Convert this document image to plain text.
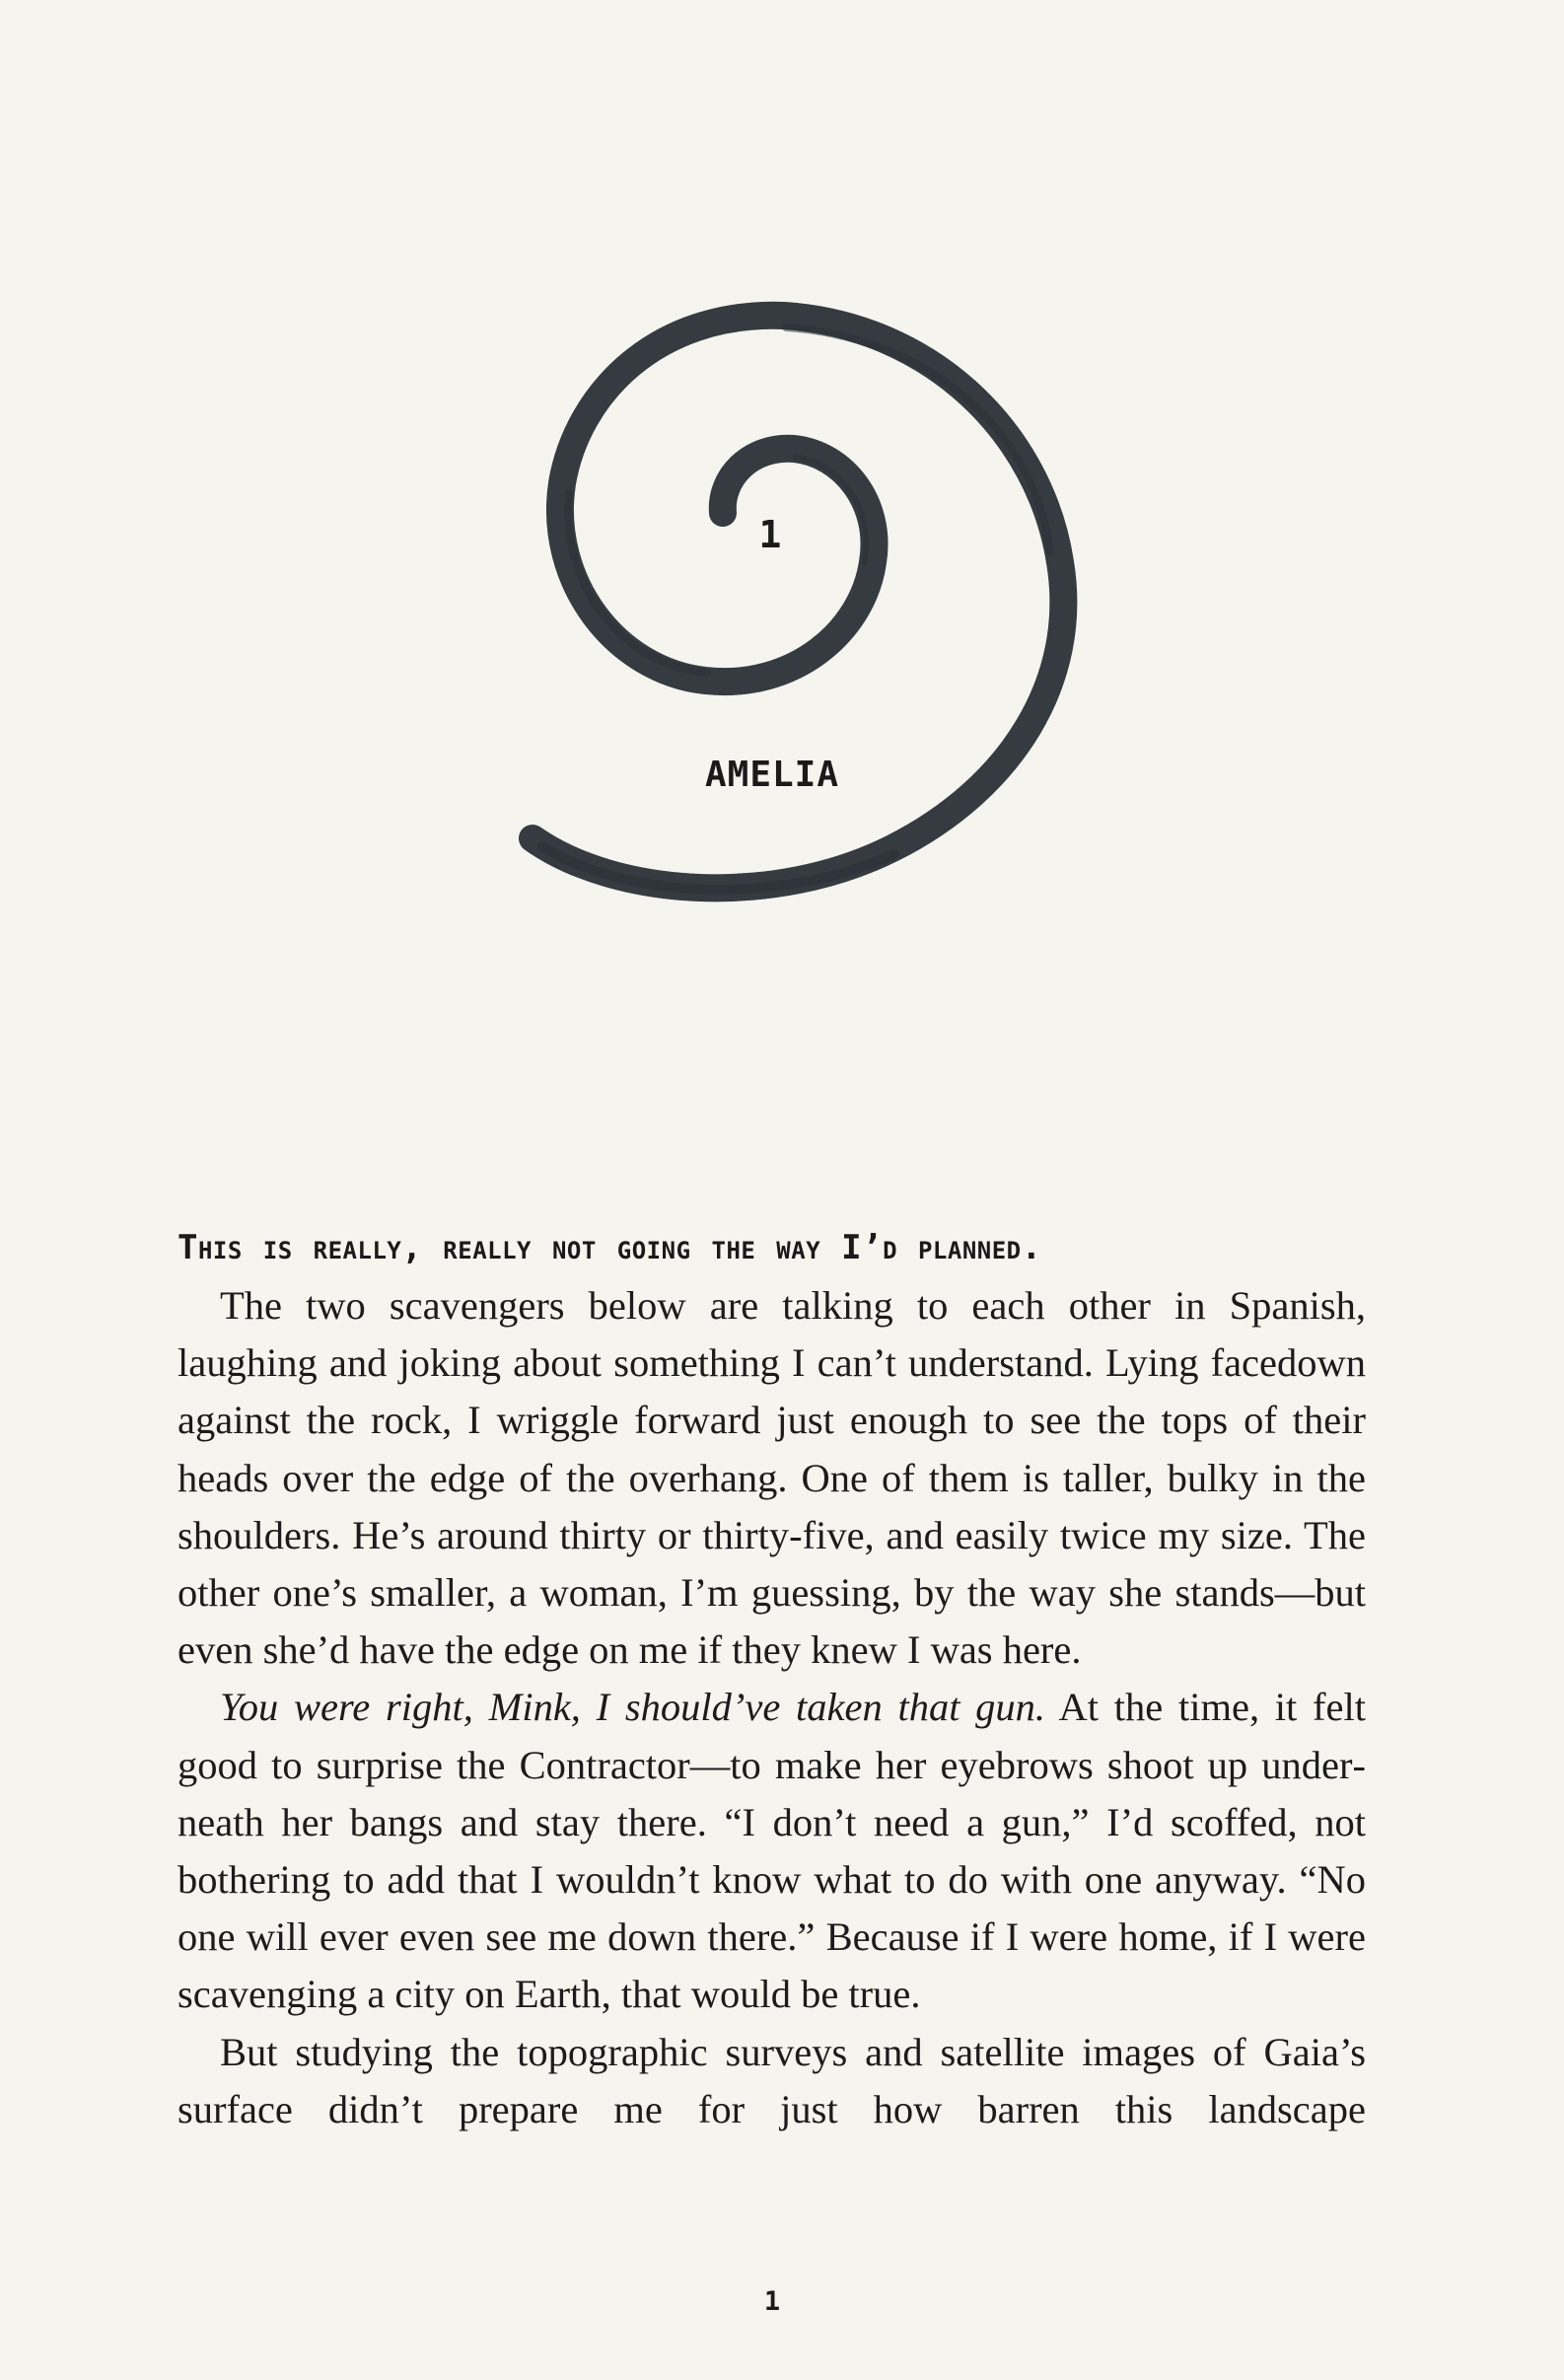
1
AMELIA
This is really, really not going the way I’d planned.

The two scavengers below are talking to each other in Spanish, laughing and joking about something I can’t understand. Lying facedown against the rock, I wriggle forward just enough to see the tops of their heads over the edge of the overhang. One of them is taller, bulky in the shoulders. He’s around thirty or thirty-five, and easily twice my size. The other one’s smaller, a woman, I’m guessing, by the way she stands—but even she’d have the edge on me if they knew I was here.

You were right, Mink, I should’ve taken that gun. At the time, it felt good to surprise the Contractor—to make her eyebrows shoot up underneath her bangs and stay there. “I don’t need a gun,” I’d scoffed, not bothering to add that I wouldn’t know what to do with one anyway. “No one will ever even see me down there.” Because if I were home, if I were scavenging a city on Earth, that would be true.

But studying the topographic surveys and satellite images of Gaia’s surface didn’t prepare me for just how barren this landscape

1
